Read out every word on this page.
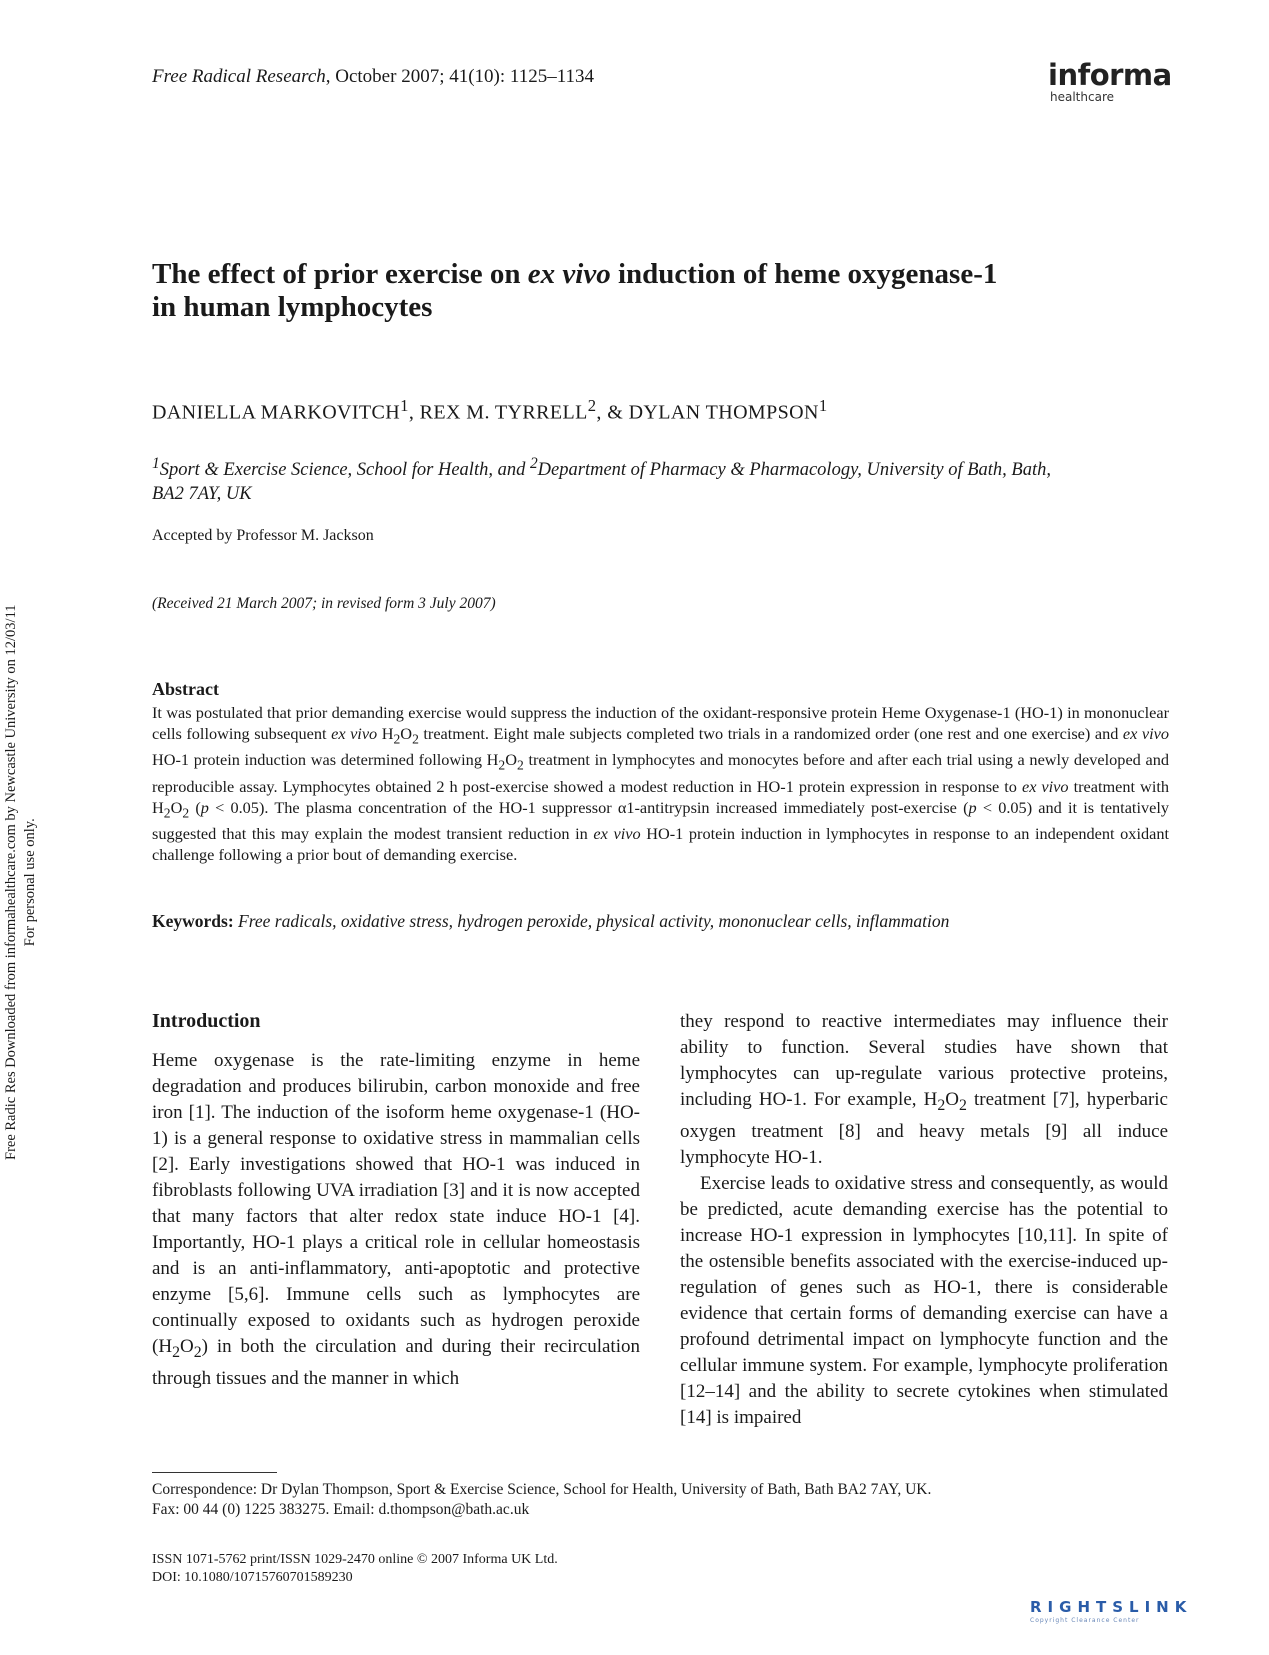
Free Radical Research, October 2007; 41(10): 1125–1134	informa
healthcare
The effect of prior exercise on ex vivo induction of heme oxygenase-1
in human lymphocytes
DANIELLA MARKOVITCH$^1$, REX M. TYRRELL$^2$, & DYLAN THOMPSON$^1$
$^1$Sport & Exercise Science, School for Health, and $^2$Department of Pharmacy & Pharmacology, University of Bath, Bath,
BA2 7AY, UK
Accepted by Professor M. Jackson
(Received 21 March 2007; in revised form 3 July 2007)
Abstract
It was postulated that prior demanding exercise would suppress the induction of the oxidant-responsive protein Heme Oxygenase-1 (HO-1) in mononuclear cells following subsequent ex vivo $H_2O_2$ treatment. Eight male subjects completed two trials in a randomized order (one rest and one exercise) and ex vivo HO-1 protein induction was determined following $H_2O_2$ treatment in lymphocytes and monocytes before and after each trial using a newly developed and reproducible assay. Lymphocytes obtained 2 h post-exercise showed a modest reduction in HO-1 protein expression in response to ex vivo treatment with $H_2O_2$ (p < 0.05). The plasma concentration of the HO-1 suppressor α1-antitrypsin increased immediately post-exercise (p < 0.05) and it is tentatively suggested that this may explain the modest transient reduction in ex vivo HO-1 protein induction in lymphocytes in response to an independent oxidant challenge following a prior bout of demanding exercise.
Keywords: Free radicals, oxidative stress, hydrogen peroxide, physical activity, mononuclear cells, inflammation
Introduction

Heme oxygenase is the rate-limiting enzyme in heme degradation and produces bilirubin, carbon monoxide and free iron [1]. The induction of the isoform heme oxygenase-1 (HO-1) is a general response to oxidative stress in mammalian cells [2]. Early investigations showed that HO-1 was induced in fibroblasts following UVA irradiation [3] and it is now accepted that many factors that alter redox state induce HO-1 [4]. Importantly, HO-1 plays a critical role in cellular homeostasis and is an anti-inflammatory, anti-apoptotic and protective enzyme [5,6]. Immune cells such as lymphocytes are continually exposed to oxidants such as hydrogen peroxide $(H_2O_2)$ in both the circulation and during their recirculation through tissues and the manner in which

they respond to reactive intermediates may influence their ability to function. Several studies have shown that lymphocytes can up-regulate various protective proteins, including HO-1. For example, $H_2O_2$ treatment [7], hyperbaric oxygen treatment [8] and heavy metals [9] all induce lymphocyte HO-1.

Exercise leads to oxidative stress and consequently, as would be predicted, acute demanding exercise has the potential to increase HO-1 expression in lymphocytes [10,11]. In spite of the ostensible benefits associated with the exercise-induced up-regulation of genes such as HO-1, there is considerable evidence that certain forms of demanding exercise can have a profound detrimental impact on lymphocyte function and the cellular immune system. For example, lymphocyte proliferation [12–14] and the ability to secrete cytokines when stimulated [14] is impaired

Correspondence: Dr Dylan Thompson, Sport & Exercise Science, School for Health, University of Bath, Bath BA2 7AY, UK.
Fax: 00 44 (0) 1225 383275. Email: d.thompson@bath.ac.uk
ISSN 1071-5762 print/ISSN 1029-2470 online © 2007 Informa UK Ltd.
DOI: 10.1080/10715760701589230
Free Radic Res Downloaded from informahealthcare.com by Newcastle University on 12/03/11 For personal use only.
RIGHTSLINK
Copyright Clearance Center
